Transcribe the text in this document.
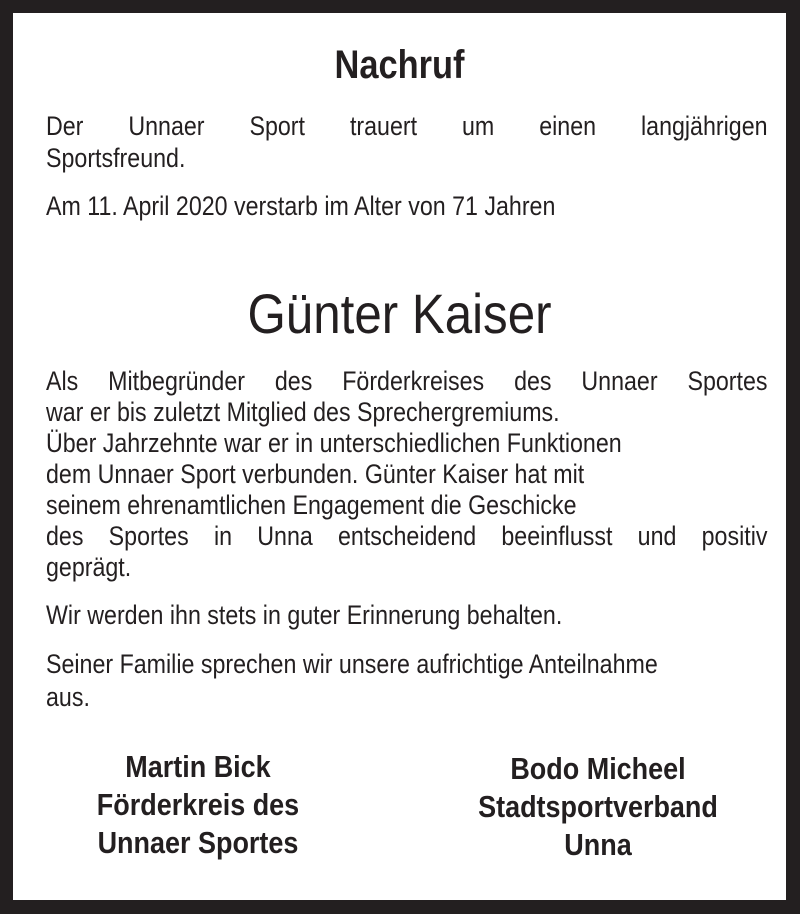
Nachruf
Der Unnaer Sport trauert um einen langjährigen
Sportsfreund.
Am 11. April 2020 verstarb im Alter von 71 Jahren
Günter Kaiser
Als Mitbegründer des Förderkreises des Unnaer Sportes
war er bis zuletzt Mitglied des Sprechergremiums.
Über Jahrzehnte war er in unterschiedlichen Funktionen
dem Unnaer Sport verbunden. Günter Kaiser hat mit
seinem ehrenamtlichen Engagement die Geschicke
des Sportes in Unna entscheidend beeinflusst und positiv
geprägt.
Wir werden ihn stets in guter Erinnerung behalten.
Seiner Familie sprechen wir unsere aufrichtige Anteilnahme
aus.
Martin Bick
Förderkreis des
Unnaer Sportes
Bodo Micheel
Stadtsportverband
Unna
